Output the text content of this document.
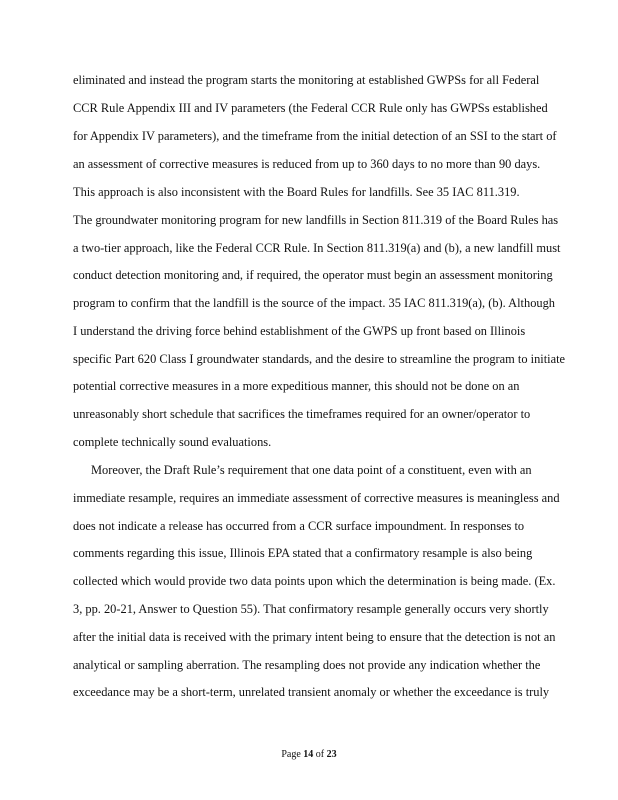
eliminated and instead the program starts the monitoring at established GWPSs for all Federal
CCR Rule Appendix III and IV parameters (the Federal CCR Rule only has GWPSs established
for Appendix IV parameters), and the timeframe from the initial detection of an SSI to the start of
an assessment of corrective measures is reduced from up to 360 days to no more than 90 days.
This approach is also inconsistent with the Board Rules for landfills. See 35 IAC 811.319.
The groundwater monitoring program for new landfills in Section 811.319 of the Board Rules has
a two-tier approach, like the Federal CCR Rule. In Section 811.319(a) and (b), a new landfill must
conduct detection monitoring and, if required, the operator must begin an assessment monitoring
program to confirm that the landfill is the source of the impact. 35 IAC 811.319(a), (b). Although
I understand the driving force behind establishment of the GWPS up front based on Illinois
specific Part 620 Class I groundwater standards, and the desire to streamline the program to initiate
potential corrective measures in a more expeditious manner, this should not be done on an
unreasonably short schedule that sacrifices the timeframes required for an owner/operator to
complete technically sound evaluations.
Moreover, the Draft Rule’s requirement that one data point of a constituent, even with an
immediate resample, requires an immediate assessment of corrective measures is meaningless and
does not indicate a release has occurred from a CCR surface impoundment. In responses to
comments regarding this issue, Illinois EPA stated that a confirmatory resample is also being
collected which would provide two data points upon which the determination is being made. (Ex.
3, pp. 20-21, Answer to Question 55). That confirmatory resample generally occurs very shortly
after the initial data is received with the primary intent being to ensure that the detection is not an
analytical or sampling aberration. The resampling does not provide any indication whether the
exceedance may be a short-term, unrelated transient anomaly or whether the exceedance is truly
Page 14 of 23
